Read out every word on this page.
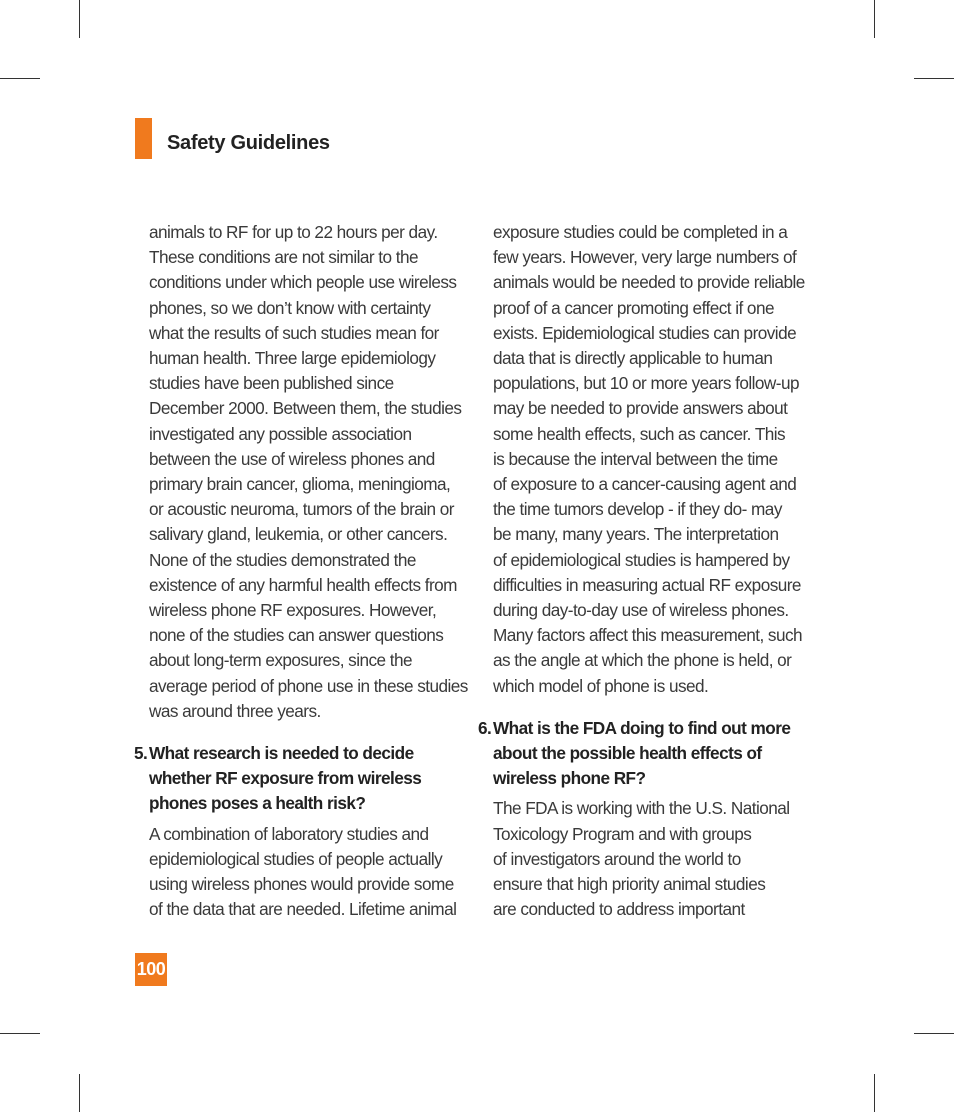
Safety Guidelines

animals to RF for up to 22 hours per day.
These conditions are not similar to the
conditions under which people use wireless
phones, so we don’t know with certainty
what the results of such studies mean for
human health. Three large epidemiology
studies have been published since
December 2000. Between them, the studies
investigated any possible association
between the use of wireless phones and
primary brain cancer, glioma, meningioma,
or acoustic neuroma, tumors of the brain or
salivary gland, leukemia, or other cancers.
None of the studies demonstrated the
existence of any harmful health effects from
wireless phone RF exposures. However,
none of the studies can answer questions
about long-term exposures, since the
average period of phone use in these studies
was around three years.

5. What research is needed to decide
whether RF exposure from wireless
phones poses a health risk?

A combination of laboratory studies and
epidemiological studies of people actually
using wireless phones would provide some
of the data that are needed. Lifetime animal

exposure studies could be completed in a
few years. However, very large numbers of
animals would be needed to provide reliable
proof of a cancer promoting effect if one
exists. Epidemiological studies can provide
data that is directly applicable to human
populations, but 10 or more years follow-up
may be needed to provide answers about
some health effects, such as cancer. This
is because the interval between the time
of exposure to a cancer-causing agent and
the time tumors develop - if they do- may
be many, many years. The interpretation
of epidemiological studies is hampered by
difficulties in measuring actual RF exposure
during day-to-day use of wireless phones.
Many factors affect this measurement, such
as the angle at which the phone is held, or
which model of phone is used.

6. What is the FDA doing to find out more
about the possible health effects of
wireless phone RF?

The FDA is working with the U.S. National
Toxicology Program and with groups
of investigators around the world to
ensure that high priority animal studies
are conducted to address important

100
